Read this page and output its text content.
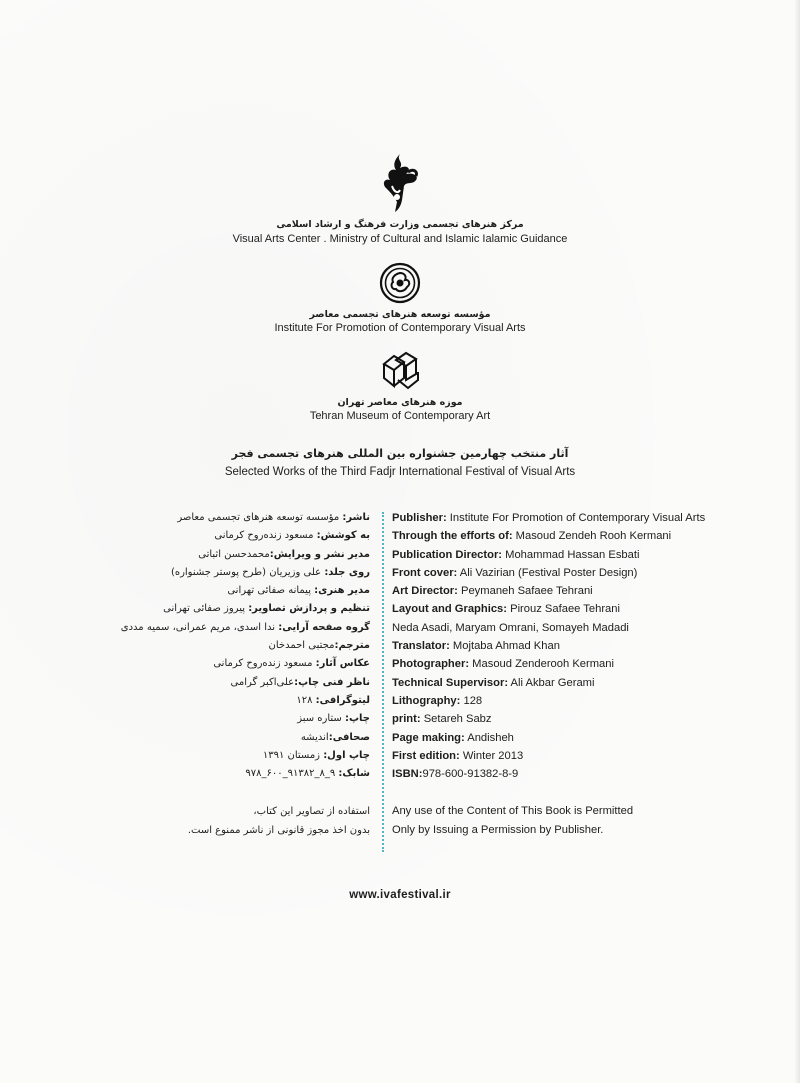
مرکز هنرهای تجسمی وزارت فرهنگ و ارشاد اسلامی
Visual Arts Center . Ministry of Cultural and Islamic Ialamic Guidance
مؤسسه توسعه هنرهای تجسمی معاصر
Institute For Promotion of Contemporary Visual Arts
موزه هنرهای معاصر تهران
Tehran Museum of Contemporary Art
آثار منتخب چهارمین جشنواره بین المللی هنرهای تجسمی فجر
Selected Works of the Third Fadjr International Festival of Visual Arts
ناشر: مؤسسه توسعه هنرهای تجسمی معاصر
به کوشش: مسعود زنده‌روح کرمانی
مدیر نشر و ویرایش:محمدحسن اثباتی
روی جلد: علی وزیریان (طرح پوستر جشنواره)
مدیر هنری: پیمانه صفائی تهرانی
تنظیم و پردازش تصاویر: پیروز صفائی تهرانی
گروه صفحه آرایی: ندا اسدی، مریم عمرانی، سمیه مددی
مترجم:مجتبی احمدخان
عکاس آثار: مسعود زنده‌روح کرمانی
ناظر فنی چاپ:علی‌اکبر گرامی
لیتوگرافی: ۱۲۸
چاپ: ستاره سبز
صحافی:اندیشه
چاپ اول: زمستان ۱۳۹۱
شابک: ۹_۸_۹۱۳۸۲_۶۰۰_۹۷۸
Publisher: Institute For Promotion of Contemporary Visual Arts
Through the efforts of: Masoud Zendeh Rooh Kermani
Publication Director: Mohammad Hassan Esbati
Front cover: Ali Vazirian (Festival Poster Design)
Art Director: Peymaneh Safaee Tehrani
Layout and Graphics: Pirouz Safaee Tehrani
Neda Asadi, Maryam Omrani, Somayeh Madadi
Translator: Mojtaba Ahmad Khan
Photographer: Masoud Zenderooh Kermani
Technical Supervisor: Ali Akbar Gerami
Lithography: 128
print: Setareh Sabz
Page making: Andisheh
First edition: Winter 2013
ISBN:978-600-91382-8-9
استفاده از تصاویر این کتاب،
بدون اخذ مجوز قانونی از ناشر ممنوع است.
Any use of the Content of This Book is Permitted
Only by Issuing a Permission by Publisher.
www.ivafestival.ir
